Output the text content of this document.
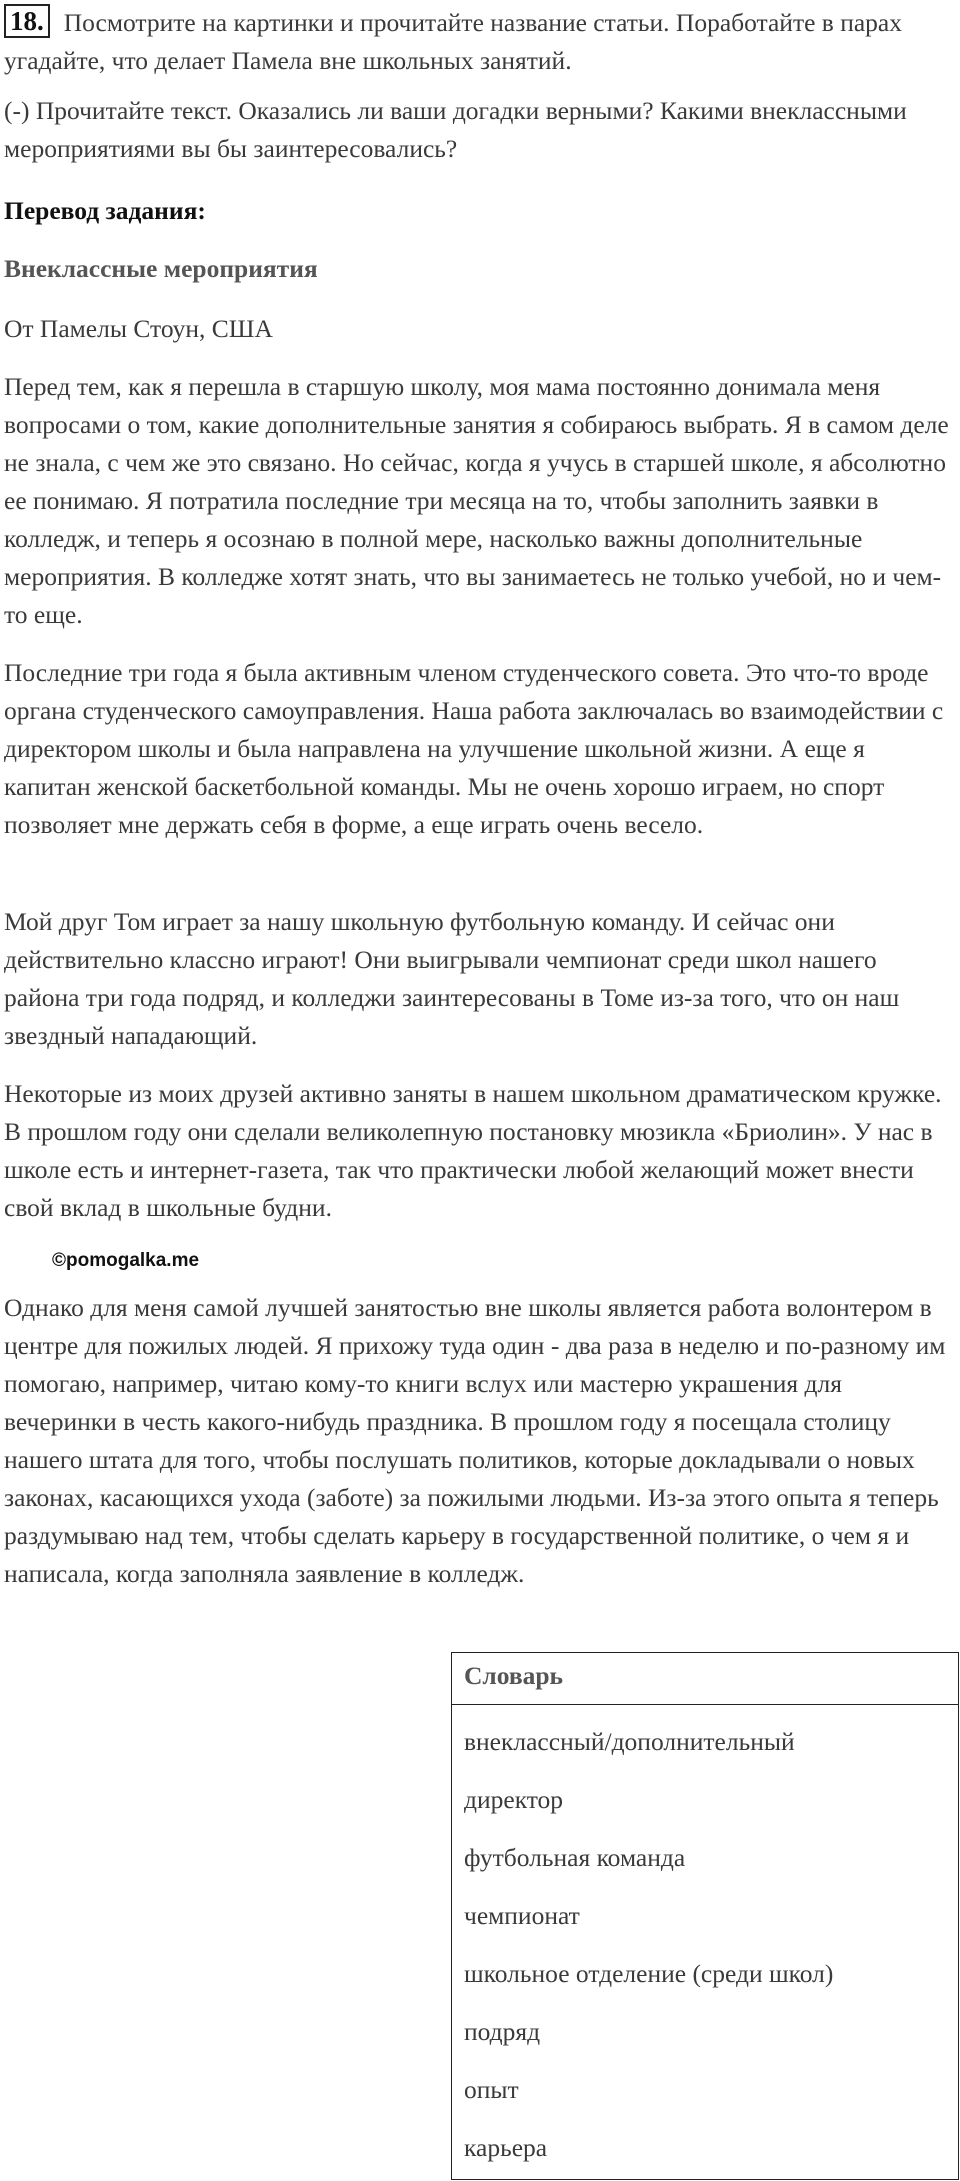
18. Посмотрите на картинки и прочитайте название статьи. Поработайте в парах угадайте, что делает Памела вне школьных занятий.
(-) Прочитайте текст. Оказались ли ваши догадки верными? Какими внеклассными мероприятиями вы бы заинтересовались?
Перевод задания:
Внеклассные мероприятия
От Памелы Стоун, США

Перед тем, как я перешла в старшую школу, моя мама постоянно донимала меня вопросами о том, какие дополнительные занятия я собираюсь выбрать. Я в самом деле не знала, с чем же это связано. Но сейчас, когда я учусь в старшей школе, я абсолютно ее понимаю. Я потратила последние три месяца на то, чтобы заполнить заявки в колледж, и теперь я осознаю в полной мере, насколько важны дополнительные мероприятия. В колледже хотят знать, что вы занимаетесь не только учебой, но и чем-то еще.

Последние три года я была активным членом студенческого совета. Это что-то вроде органа студенческого самоуправления. Наша работа заключалась во взаимодействии с директором школы и была направлена на улучшение школьной жизни. А еще я капитан женской баскетбольной команды. Мы не очень хорошо играем, но спорт позволяет мне держать себя в форме, а еще играть очень весело.

Мой друг Том играет за нашу школьную футбольную команду. И сейчас они действительно классно играют! Они выигрывали чемпионат среди школ нашего района три года подряд, и колледжи заинтересованы в Томе из-за того, что он наш звездный нападающий.

Некоторые из моих друзей активно заняты в нашем школьном драматическом кружке. В прошлом году они сделали великолепную постановку мюзикла «Бриолин». У нас в школе есть и интернет-газета, так что практически любой желающий может внести свой вклад в школьные будни.

©pomogalka.me

Однако для меня самой лучшей занятостью вне школы является работа волонтером в центре для пожилых людей. Я прихожу туда один - два раза в неделю и по-разному им помогаю, например, читаю кому-то книги вслух или мастерю украшения для вечеринки в честь какого-нибудь праздника. В прошлом году я посещала столицу нашего штата для того, чтобы послушать политиков, которые докладывали о новых законах, касающихся ухода (заботе) за пожилыми людьми. Из-за этого опыта я теперь раздумываю над тем, чтобы сделать карьеру в государственной политике, о чем я и написала, когда заполняла заявление в колледж.

Словарь
внеклассный/дополнительный
директор
футбольная команда
чемпионат
школьное отделение (среди школ)
подряд
опыт
карьера
